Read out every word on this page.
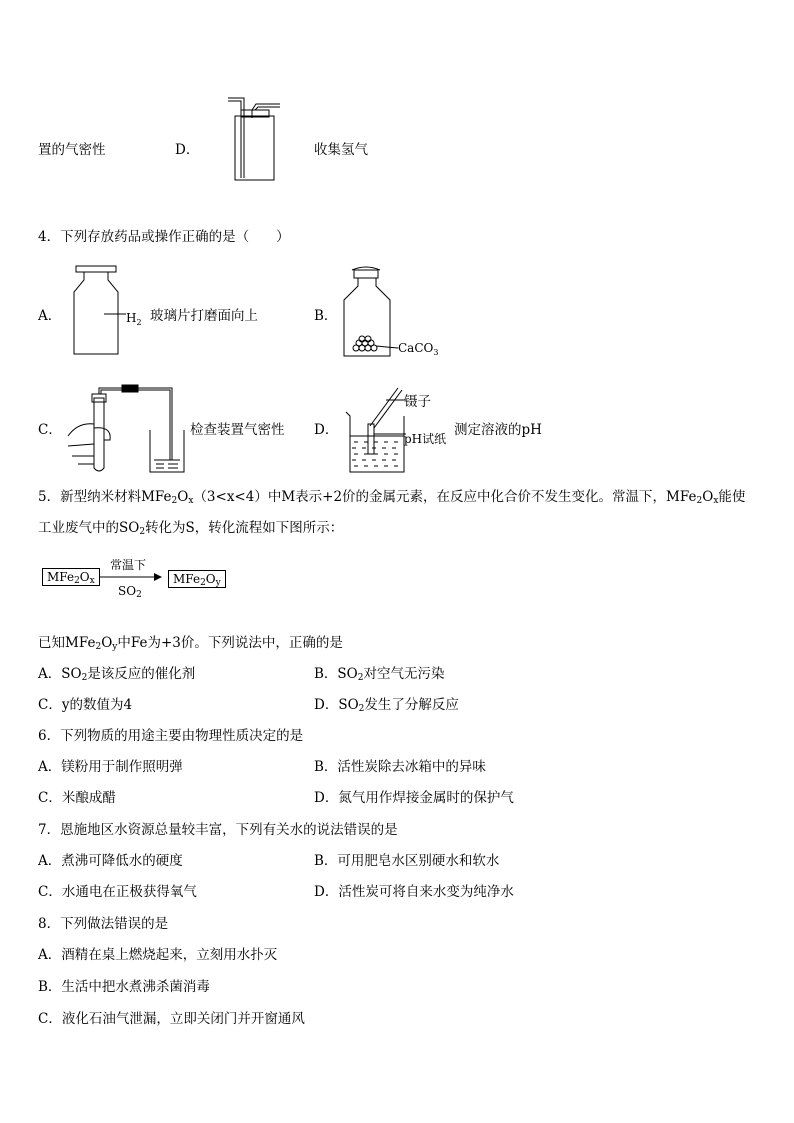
置的气密性	D．	收集氢气
4．下列存放药品或操作正确的是（　　）
A．	$H_2$ 玻璃片打磨面向上	B．
CaCO$_3$
C．	检查装置气密性 D．
镊子
pH试纸
测定溶液的pH
5．新型纳米材料$MFe_2O_x(3<x<4)$中M表示+2价的金属元素，在反应中化合价不发生变化。常温下，$MFe_2O_x$能使
工业废气中的$SO_2$转化为S，转化流程如下图所示：
$MFe_2O_x$
常温下
$SO_2$
$MFe_2O_y$
已知$MFe_2O_y$中Fe为+3价。下列说法中，正确的是
A．$SO_2$是该反应的催化剂	B．$SO_2$对空气无污染
C．y的数值为4	D．$SO_2$发生了分解反应
6．下列物质的用途主要由物理性质决定的是
A．镁粉用于制作照明弹	B．活性炭除去冰箱中的异味
C．米酿成醋	D．氮气用作焊接金属时的保护气
7．恩施地区水资源总量较丰富，下列有关水的说法错误的是
A．煮沸可降低水的硬度	B．可用肥皂水区别硬水和软水
C．水通电在正极获得氧气	D．活性炭可将自来水变为纯净水
8．下列做法错误的是
A．酒精在桌上燃烧起来，立刻用水扑灭
B．生活中把水煮沸杀菌消毒
C．液化石油气泄漏，立即关闭门并开窗通风
